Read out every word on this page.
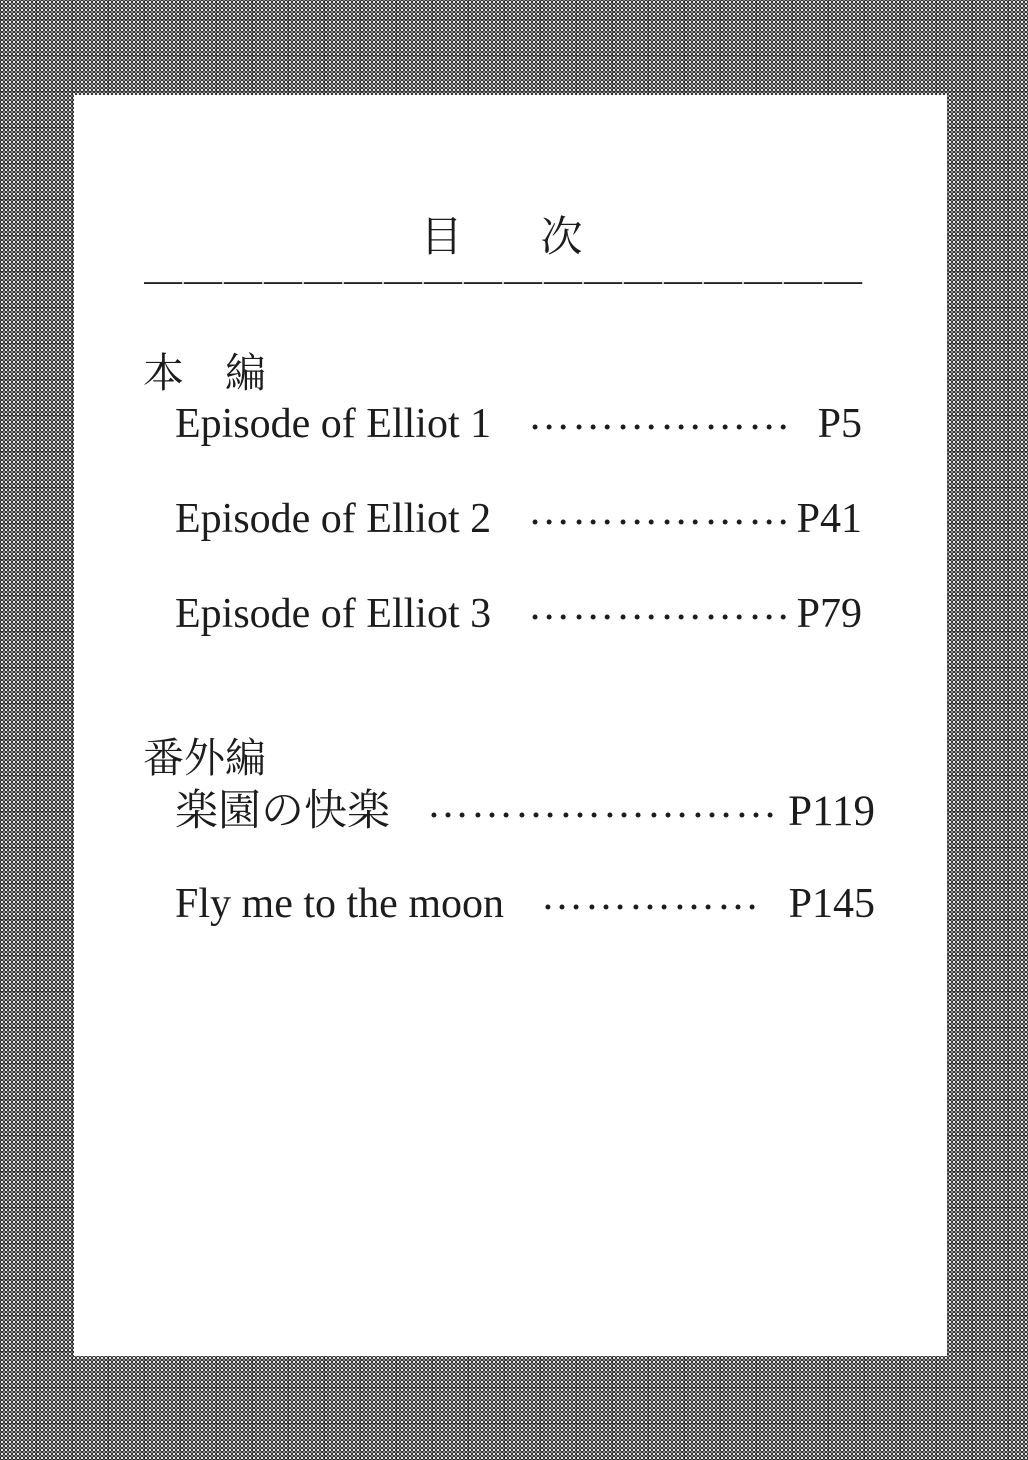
目　次
――――――――――――――――――
本　編
Episode of Elliot 1 ……………… P5
Episode of Elliot 2 ……………… P41
Episode of Elliot 3 ……………… P79
番外編
楽園の快楽 …………………… P119
Fly me to the moon …………… P145
